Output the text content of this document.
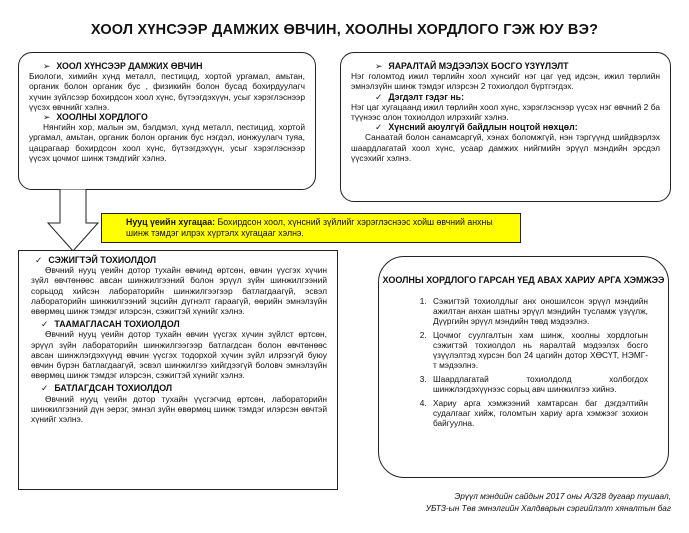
ХООЛ ХҮНСЭЭР ДАМЖИХ ӨВЧИН, ХООЛНЫ ХОРДЛОГО ГЭЖ ЮУ ВЭ?
➢ ХООЛ ХҮНСЭЭР ДАМЖИХ ӨВЧИН

Биологи, химийн хүнд металл, пестицид, хортой ургамал, амьтан, органик болон органик бус , физикийн болон бусад бохирдуулагч хүчин зүйлсээр бохирдсон хоол хүнс, бүтээгдэхүүн, усыг хэрэглэснээр үүсэх өвчнийг хэлнэ.

➢ ХООЛНЫ ХОРДЛОГО

Нянгийн хор, малын эм, бэлдмэл, хүнд металл, пестицид, хортой ургамал, амьтан, органик болон органик бус нэгдэл, ионжуулагч туяа, цацрагаар бохирдсон хоол хүнс, бүтээгдэхүүн, усыг хэрэглэснээр үүсэх цочмог шинж тэмдгийг хэлнэ.

➢ ЯАРАЛТАЙ МЭДЭЭЛЭХ БОСГО ҮЗҮҮЛЭЛТ

Нэг голомтод ижил төрлийн хоол хүнсийг нэг цаг үед идсэн, ижил төрлийн эмнэлзүйн шинж тэмдэг илэрсэн 2 тохиолдол бүртгэгдэх.

✓ Дэгдэлт гэдэг нь:

Нэг цаг хугацаанд ижил төрлийн хоол хүнс, хэрэглэснээр үүсэх нэг өвчний 2 ба түүнээс олон тохиолдол илрэхийг хэлнэ.

✓ Хүнсний аюулгүй байдлын ноцтой нөхцөл:

Санаатай болон санамсаргүй, хэнах боломжгүй, нэн тэргүүнд шийдвэрлэх шаардлагатай хоол хүнс, усаар дамжих нийгмийн эрүүл мэндийн эрсдэл үүсэхийг хэлнэ.

Нууц үеийн хугацаа: Бохирдсон хоол, хүнсний зүйлийг хэрэглэснээс хойш өвчний анхны шинж тэмдэг илрэх хүртэлх хугацааг хэлнэ.
✓ СЭЖИГТЭЙ ТОХИОЛДОЛ

Өвчний нууц үеийн дотор тухайн өвчинд өртсөн, өвчин үүсгэх хүчин зүйл өвчтөнөөс авсан шинжилгээний болон эрүүл зүйн шинжилгээний сорьцод хийсэн лабораторийн шинжилгээгээр батлагдаагүй, эсвэл лабораторийн шинжилгээний эцсийн дүгнэлт гараагүй, өөрийн эмнэлзүйн өвөрмөц шинж тэмдэг илэрсэн, сэжигтэй хүнийг хэлнэ.

✓ ТААМАГЛАСАН ТОХИОЛДОЛ

Өвчний нууц үеийн дотор тухайн өвчин үүсгэх хүчин зүйлст өртсөн, эрүүл зүйн лабораторийн шинжилгээгээр батлагдсан болон өвчтөнөөс авсан шинжлэгдэхүүнд өвчин үүсгэх тодорхой хүчин зүйл илрээгүй буюу өвчин бүрэн батлагдаагүй, эсвэл шинжилгээ хийгдээгүй боловч эмнэлзүйн өвөрмөц шинж тэмдэг илэрсэн, сэжигтэй хүнийг хэлнэ.

✓ БАТЛАГДСАН ТОХИОЛДОЛ

Өвчний нууц үеийн дотор тухайн үүсгэгчид өртсөн, лабораторийн шинжилгээний дүн эерэг, эмнэл зүйн өвөрмөц шинж тэмдэг илэрсэн өвчтэй хүнийг хэлнэ.

ХООЛНЫ ХОРДЛОГО ГАРСАН ҮЕД АВАХ ХАРИУ АРГА ХЭМЖЭЭ
1. Сэжигтэй тохиолдлыг анх оношилсон эрүүл мэндийн ажилтан анхан шатны эрүүл мэндийн тусламж үзүүлж, Дүүргийн эрүүл мэндийн төвд мэдээлнэ.
2. Цочмог суулгалтын хам шинж, хоолны хордлогын сэжигтэй тохиолдол нь яаралтай мэдээлэх босго үзүүлэлтэд хүрсэн бол 24 цагийн дотор ХӨСҮТ, НЭМГ-т мэдээлнэ.
3. Шаардлагатай тохиолдолд холбогдох шинжлэгдэхүүнээс сорьц авч шинжилгээ хийнэ.
4. Хариу арга хэмжээний хамтарсан баг дэгдэлтийн судалгааг хийж, голомтын хариу арга хэмжээг зохион байгуулна.
Эрүүл мэндийн сайдын 2017 оны А/328 дугаар тушаал,
УБТЗ-ын Төв эмнэлгийн Халдварын сэргийлэлт хяналтын баг
